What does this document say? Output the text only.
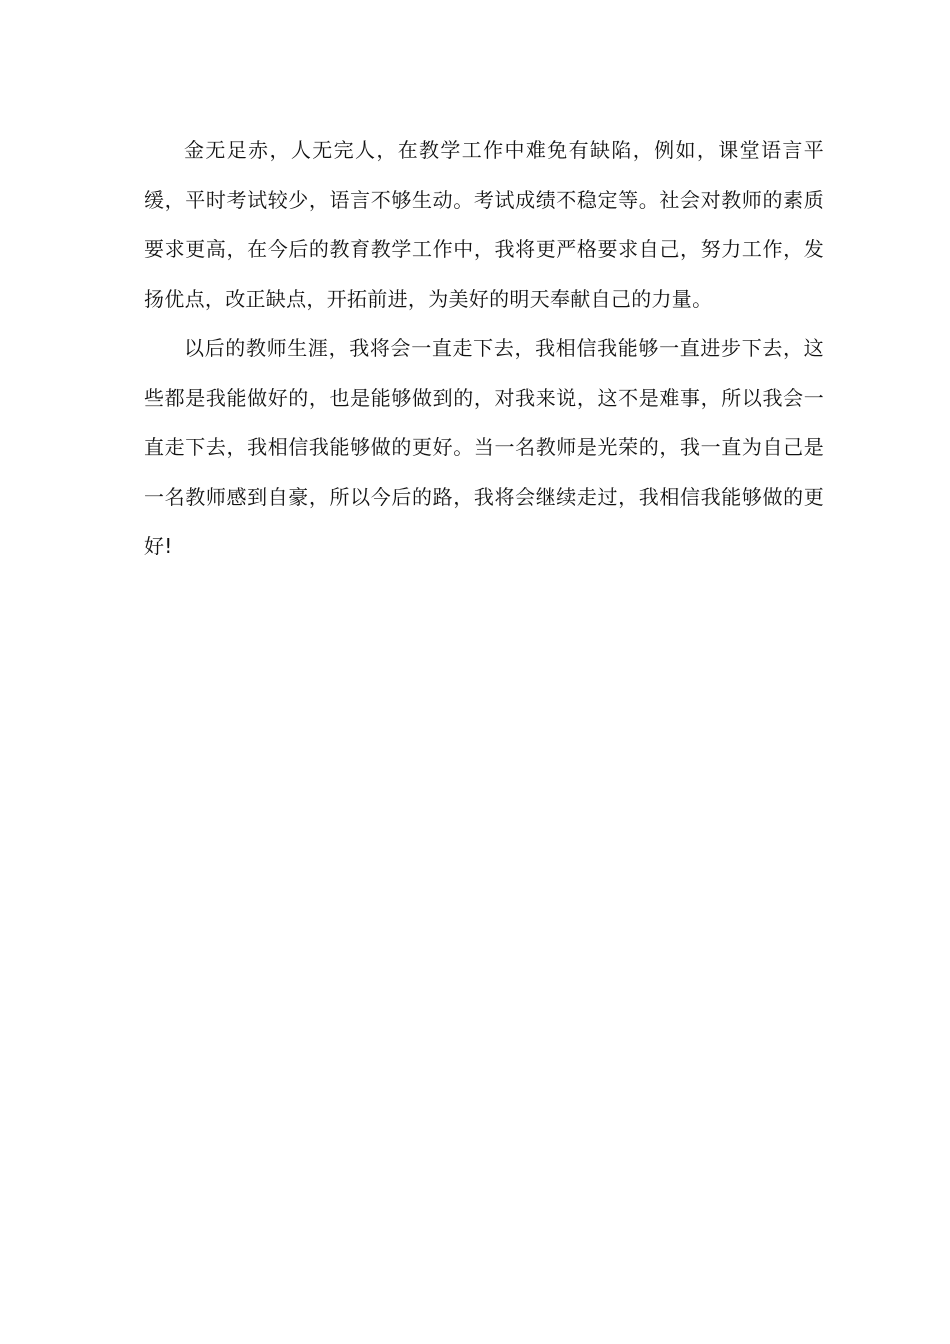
金无足赤，人无完人，在教学工作中难免有缺陷，例如，课堂语言平缓，平时考试较少，语言不够生动。考试成绩不稳定等。社会对教师的素质要求更高，在今后的教育教学工作中，我将更严格要求自己，努力工作，发扬优点，改正缺点，开拓前进，为美好的明天奉献自己的力量。

以后的教师生涯，我将会一直走下去，我相信我能够一直进步下去，这些都是我能做好的，也是能够做到的，对我来说，这不是难事，所以我会一直走下去，我相信我能够做的更好。当一名教师是光荣的，我一直为自己是一名教师感到自豪，所以今后的路，我将会继续走过，我相信我能够做的更好!
